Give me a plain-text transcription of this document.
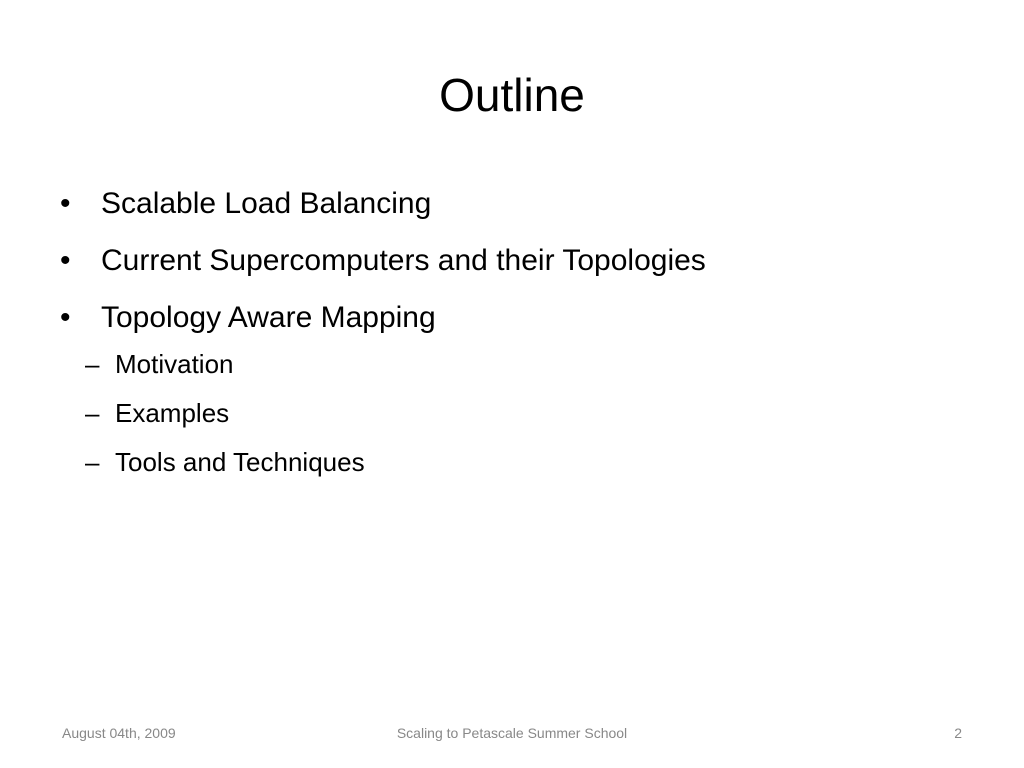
Outline
• Scalable Load Balancing
• Current Supercomputers and their Topologies
• Topology Aware Mapping
– Motivation
– Examples
– Tools and Techniques
August 04th, 2009	Scaling to Petascale Summer School	2
